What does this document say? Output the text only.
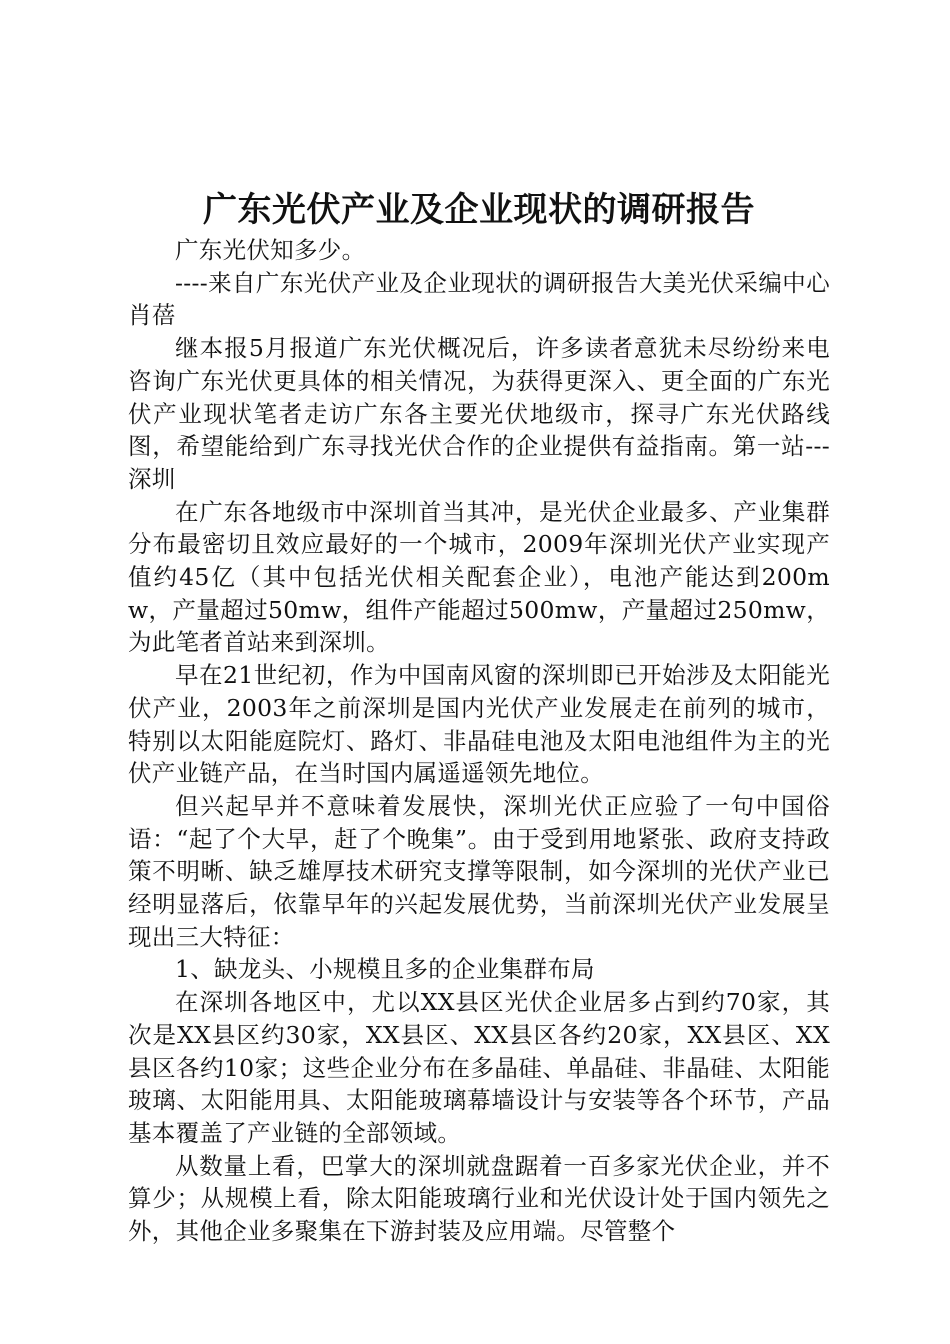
广东光伏产业及企业现状的调研报告

广东光伏知多少。

----来自广东光伏产业及企业现状的调研报告大美光伏采编中心肖蓓

继本报5月报道广东光伏概况后，许多读者意犹未尽纷纷来电咨询广东光伏更具体的相关情况，为获得更深入、更全面的广东光伏产业现状笔者走访广东各主要光伏地级市，探寻广东光伏路线图，希望能给到广东寻找光伏合作的企业提供有益指南。第一站---深圳

在广东各地级市中深圳首当其冲，是光伏企业最多、产业集群分布最密切且效应最好的一个城市，2009年深圳光伏产业实现产值约45亿（其中包括光伏相关配套企业），电池产能达到200mw，产量超过50mw，组件产能超过500mw，产量超过250mw，为此笔者首站来到深圳。

早在21世纪初，作为中国南风窗的深圳即已开始涉及太阳能光伏产业，2003年之前深圳是国内光伏产业发展走在前列的城市，特别以太阳能庭院灯、路灯、非晶硅电池及太阳电池组件为主的光伏产业链产品，在当时国内属遥遥领先地位。

但兴起早并不意味着发展快，深圳光伏正应验了一句中国俗语：“起了个大早，赶了个晚集”。由于受到用地紧张、政府支持政策不明晰、缺乏雄厚技术研究支撑等限制，如今深圳的光伏产业已经明显落后，依靠早年的兴起发展优势，当前深圳光伏产业发展呈现出三大特征：

1、缺龙头、小规模且多的企业集群布局

在深圳各地区中，尤以XX县区光伏企业居多占到约70家，其次是XX县区约30家，XX县区、XX县区各约20家，XX县区、XX县区各约10家；这些企业分布在多晶硅、单晶硅、非晶硅、太阳能玻璃、太阳能用具、太阳能玻璃幕墙设计与安装等各个环节，产品基本覆盖了产业链的全部领域。

从数量上看，巴掌大的深圳就盘踞着一百多家光伏企业，并不算少；从规模上看，除太阳能玻璃行业和光伏设计处于国内领先之外，其他企业多聚集在下游封装及应用端。尽管整个
